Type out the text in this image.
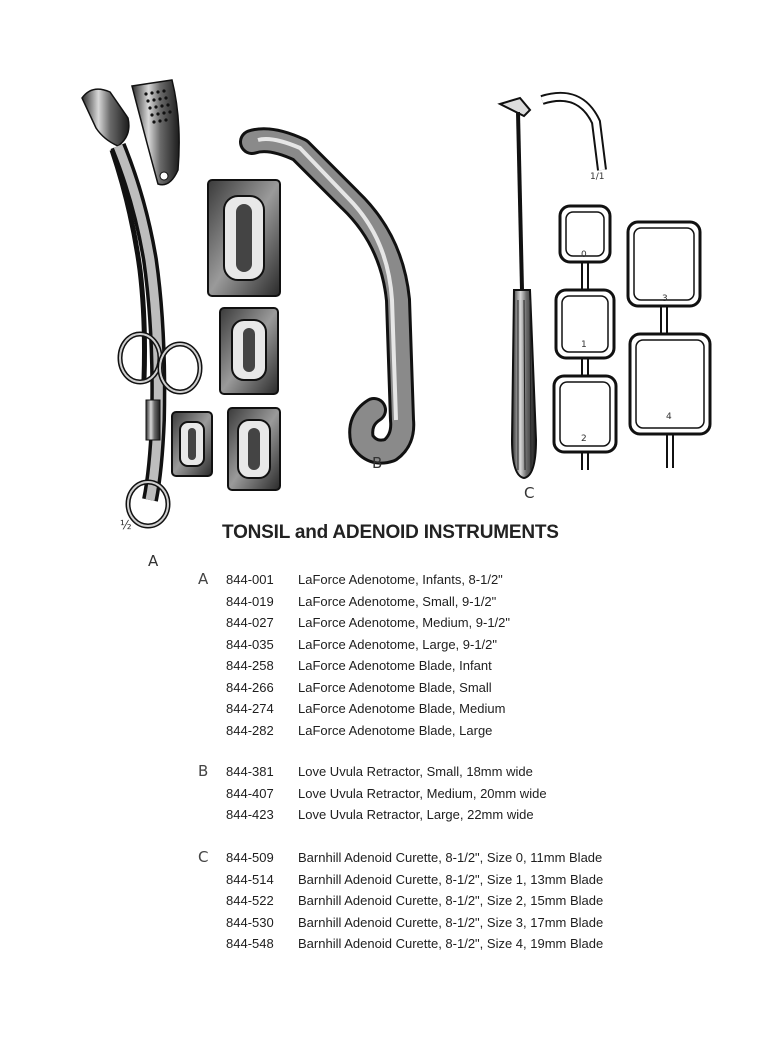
0
1
2
3
4
½
1/1
A
B
C
TONSIL and ADENOID INSTRUMENTS
A 844-001 LaForce Adenotome, Infants, 8-1/2"
844-019 LaForce Adenotome, Small, 9-1/2"
844-027 LaForce Adenotome, Medium, 9-1/2"
844-035 LaForce Adenotome, Large, 9-1/2"
844-258 LaForce Adenotome Blade, Infant
844-266 LaForce Adenotome Blade, Small
844-274 LaForce Adenotome Blade, Medium
844-282 LaForce Adenotome Blade, Large
B 844-381 Love Uvula Retractor, Small, 18mm wide
844-407 Love Uvula Retractor, Medium, 20mm wide
844-423 Love Uvula Retractor, Large, 22mm wide
C 844-509 Barnhill Adenoid Curette, 8-1/2", Size 0, 11mm Blade
844-514 Barnhill Adenoid Curette, 8-1/2", Size 1, 13mm Blade
844-522 Barnhill Adenoid Curette, 8-1/2", Size 2, 15mm Blade
844-530 Barnhill Adenoid Curette, 8-1/2", Size 3, 17mm Blade
844-548 Barnhill Adenoid Curette, 8-1/2", Size 4, 19mm Blade
